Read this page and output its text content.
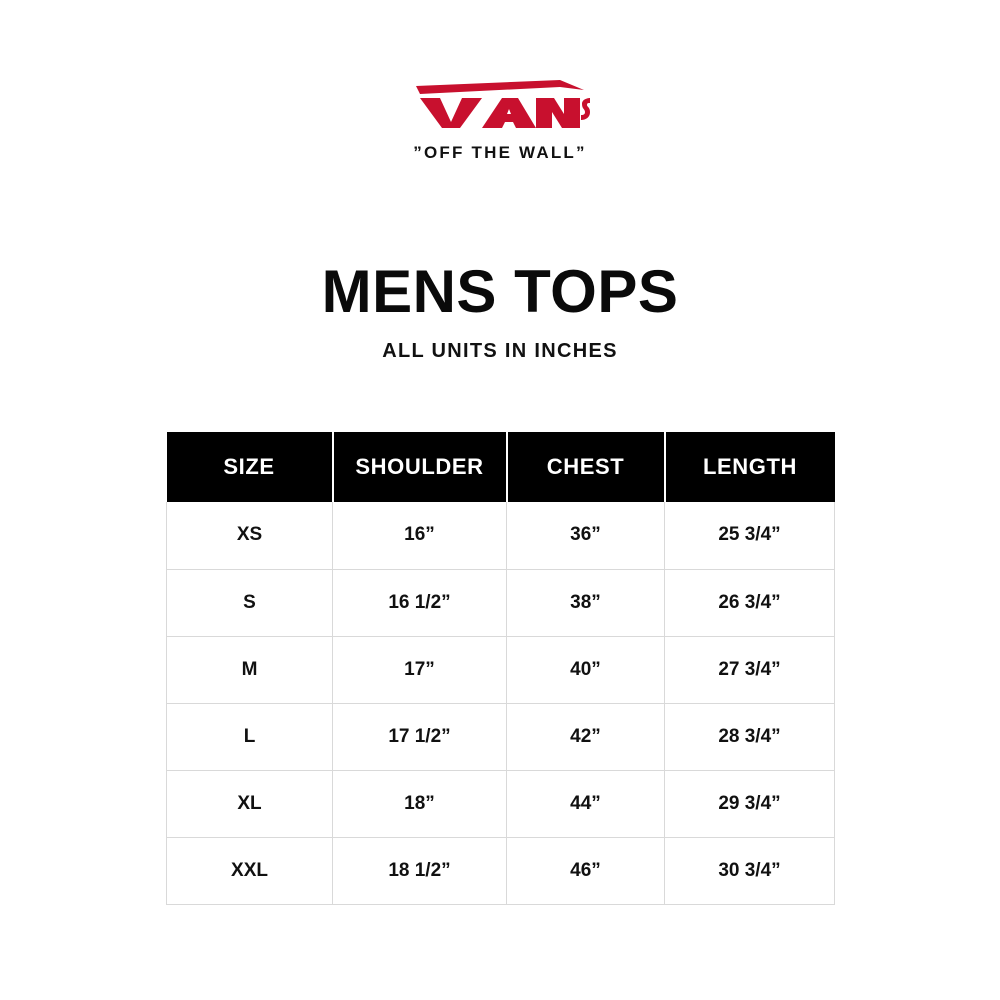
”OFF THE WALL”
MENS TOPS
ALL UNITS IN INCHES
SIZE	SHOULDER	CHEST	LENGTH
XS	16”	36”	25 3/4”
S	16 1/2”	38”	26 3/4”
M	17”	40”	27 3/4”
L	17 1/2”	42”	28 3/4”
XL	18”	44”	29 3/4”
XXL	18 1/2”	46”	30 3/4”
